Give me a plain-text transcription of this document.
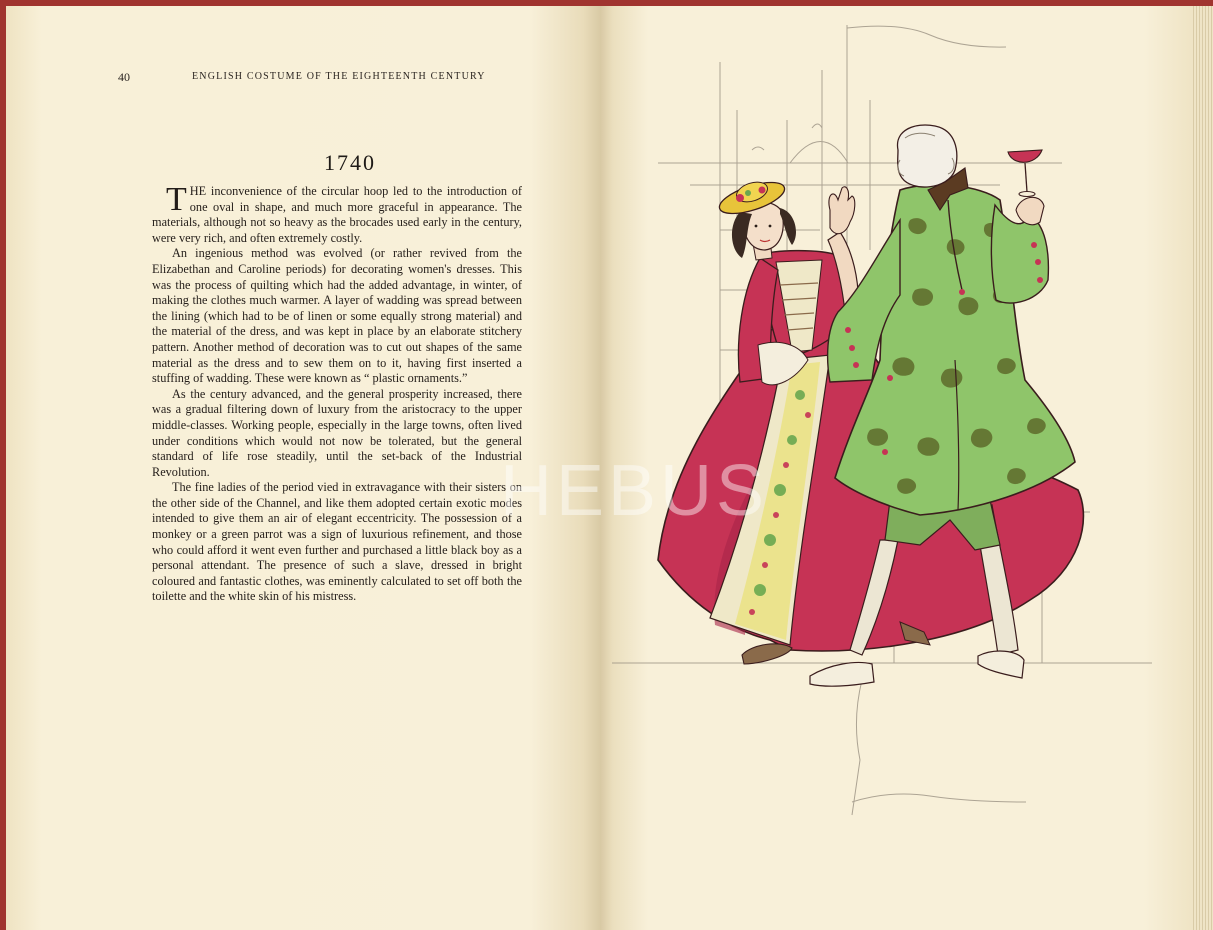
40	ENGLISH COSTUME OF THE EIGHTEENTH CENTURY
1740

THE inconvenience of the circular hoop led to the introduction of one oval in shape, and much more graceful in appearance. The materials, although not so heavy as the brocades used early in the century, were very rich, and often extremely costly.

An ingenious method was evolved (or rather revived from the Elizabethan and Caroline periods) for decorating women's dresses. This was the process of quilting which had the added advantage, in winter, of making the clothes much warmer. A layer of wadding was spread between the lining (which had to be of linen or some equally strong material) and the material of the dress, and was kept in place by an elaborate stitchery pattern. Another method of decoration was to cut out shapes of the same material as the dress and to sew them on to it, having first inserted a stuffing of wadding. These were known as “ plastic ornaments.”

As the century advanced, and the general prosperity increased, there was a gradual filtering down of luxury from the aristocracy to the upper middle-classes. Working people, especially in the large towns, often lived under conditions which would not now be tolerated, but the general standard of life rose steadily, until the set-back of the Industrial Revolution.

The fine ladies of the period vied in extravagance with their sisters on the other side of the Channel, and like them adopted certain exotic modes intended to give them an air of elegant eccentricity. The possession of a monkey or a green parrot was a sign of luxurious refinement, and those who could afford it went even further and purchased a little black boy as a personal attendant. The presence of such a slave, dressed in bright coloured and fantastic clothes, was eminently calculated to set off both the toilette and the white skin of his mistress.

HEBUS
